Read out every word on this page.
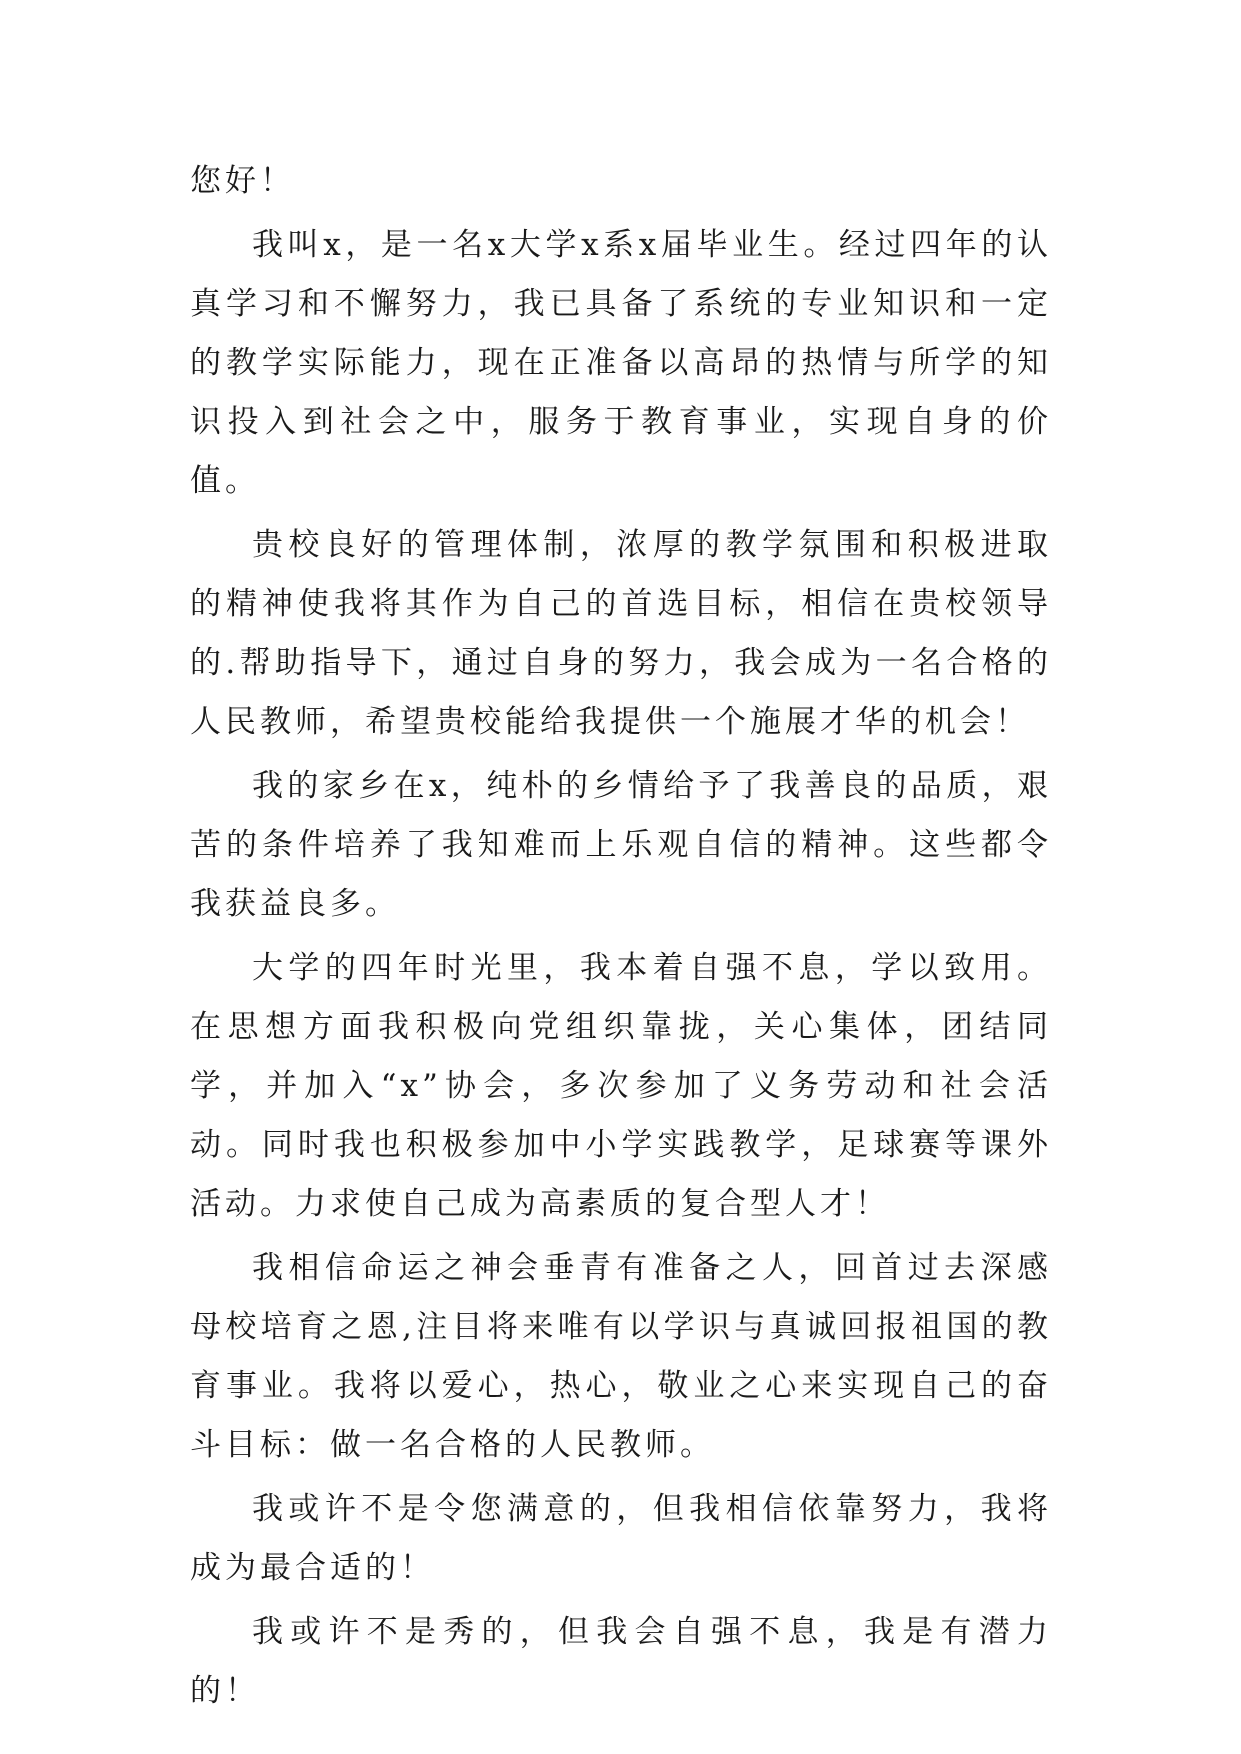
您好！

我叫x，是一名x大学x系x届毕业生。经过四年的认真学习和不懈努力，我已具备了系统的专业知识和一定的教学实际能力，现在正准备以高昂的热情与所学的知识投入到社会之中，服务于教育事业，实现自身的价值。

贵校良好的管理体制，浓厚的教学氛围和积极进取的精神使我将其作为自己的首选目标，相信在贵校领导的.帮助指导下，通过自身的努力，我会成为一名合格的人民教师，希望贵校能给我提供一个施展才华的机会！

我的家乡在x，纯朴的乡情给予了我善良的品质，艰苦的条件培养了我知难而上乐观自信的精神。这些都令我获益良多。

大学的四年时光里，我本着自强不息，学以致用。在思想方面我积极向党组织靠拢，关心集体，团结同学，并加入“x”协会，多次参加了义务劳动和社会活动。同时我也积极参加中小学实践教学，足球赛等课外活动。力求使自己成为高素质的复合型人才！

我相信命运之神会垂青有准备之人，回首过去深感母校培育之恩,注目将来唯有以学识与真诚回报祖国的教育事业。我将以爱心，热心，敬业之心来实现自己的奋斗目标：做一名合格的人民教师。

我或许不是令您满意的，但我相信依靠努力，我将成为最合适的！

我或许不是秀的，但我会自强不息，我是有潜力的！
